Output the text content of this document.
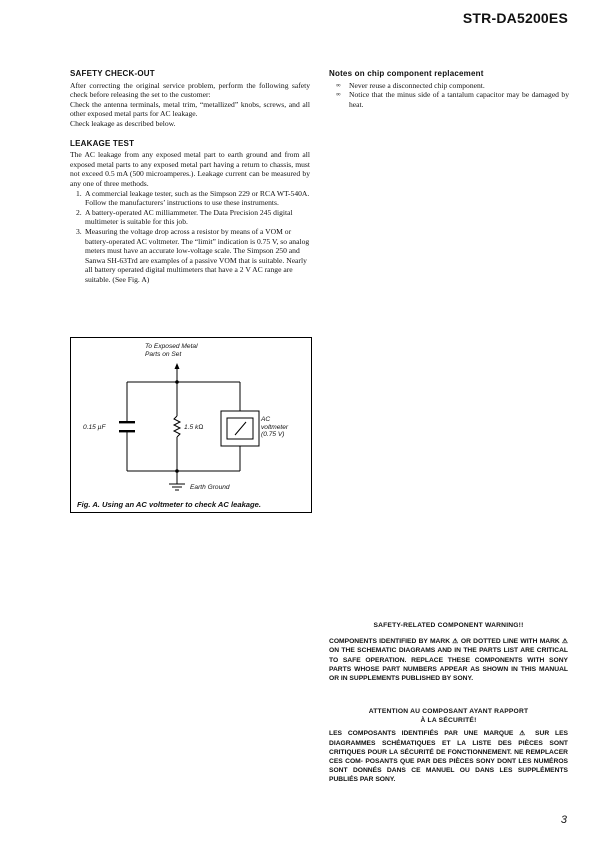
STR-DA5200ES
SAFETY CHECK-OUT

After correcting the original service problem, perform the following safety check before releasing the set to the customer:

Check the antenna terminals, metal trim, “metallized” knobs, screws, and all other exposed metal parts for AC leakage.

Check leakage as described below.

LEAKAGE TEST

The AC leakage from any exposed metal part to earth ground and from all exposed metal parts to any exposed metal part having a return to chassis, must not exceed 0.5 mA (500 microamperes.). Leakage current can be measured by any one of three methods.

1. A commercial leakage tester, such as the Simpson 229 or RCA WT-540A. Follow the manufacturers’ instructions to use these instruments.
2. A battery-operated AC milliammeter. The Data Precision 245 digital multimeter is suitable for this job.
3. Measuring the voltage drop across a resistor by means of a VOM or battery-operated AC voltmeter. The “limit” indication is 0.75 V, so analog meters must have an accurate low-voltage scale. The Simpson 250 and Sanwa SH-63Trd are examples of a passive VOM that is suitable. Nearly all battery operated digital multimeters that have a 2 V AC range are suitable. (See Fig. A)
To Exposed Metal
Parts on Set
0.15 µF	1.5 kΩ
AC
voltmeter
(0.75 V)
Earth Ground
Fig. A. Using an AC voltmeter to check AC leakage.
Notes on chip component replacement
∞ Never reuse a disconnected chip component.
∞ Notice that the minus side of a tantalum capacitor may be damaged by heat.
SAFETY-RELATED COMPONENT WARNING!!

COMPONENTS IDENTIFIED BY MARK ⚠ OR DOTTED LINE WITH MARK ⚠ ON THE SCHEMATIC DIAGRAMS AND IN THE PARTS LIST ARE CRITICAL TO SAFE OPERATION. REPLACE THESE COMPONENTS WITH SONY PARTS WHOSE PART NUMBERS APPEAR AS SHOWN IN THIS MANUAL OR IN SUPPLEMENTS PUBLISHED BY SONY.

ATTENTION AU COMPOSANT AYANT RAPPORT
À LA SÉCURITÉ!

LES COMPOSANTS IDENTIFIÉS PAR UNE MARQUE ⚠ SUR LES DIAGRAMMES SCHÉMATIQUES ET LA LISTE DES PIÈCES SONT CRITIQUES POUR LA SÉCURITÉ DE FONCTIONNEMENT. NE REMPLACER CES COM- POSANTS QUE PAR DES PIÈCES SONY DONT LES NUMÉROS SONT DONNÉS DANS CE MANUEL OU DANS LES SUPPLÉMENTS PUBLIÉS PAR SONY.

3
